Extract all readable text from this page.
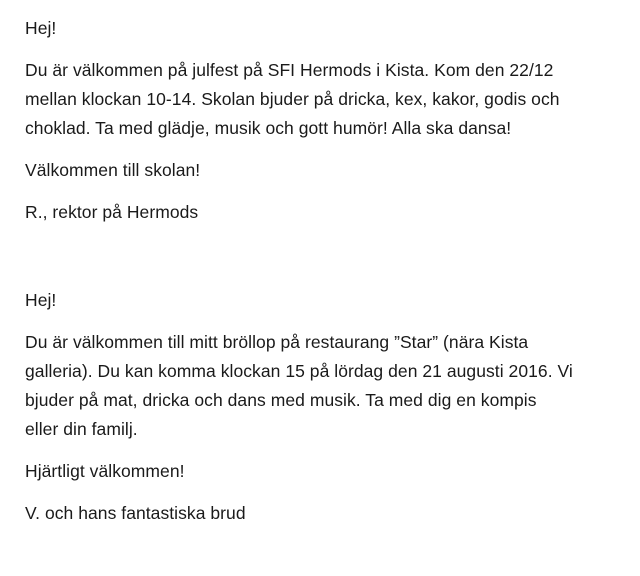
Hej!

Du är välkommen på julfest på SFI Hermods i Kista. Kom den 22/12
mellan klockan 10-14. Skolan bjuder på dricka, kex, kakor, godis och
choklad. Ta med glädje, musik och gott humör! Alla ska dansa!

Välkommen till skolan!

R., rektor på Hermods

Hej!

Du är välkommen till mitt bröllop på restaurang ”Star” (nära Kista
galleria). Du kan komma klockan 15 på lördag den 21 augusti 2016. Vi
bjuder på mat, dricka och dans med musik. Ta med dig en kompis
eller din familj.

Hjärtligt välkommen!

V. och hans fantastiska brud
